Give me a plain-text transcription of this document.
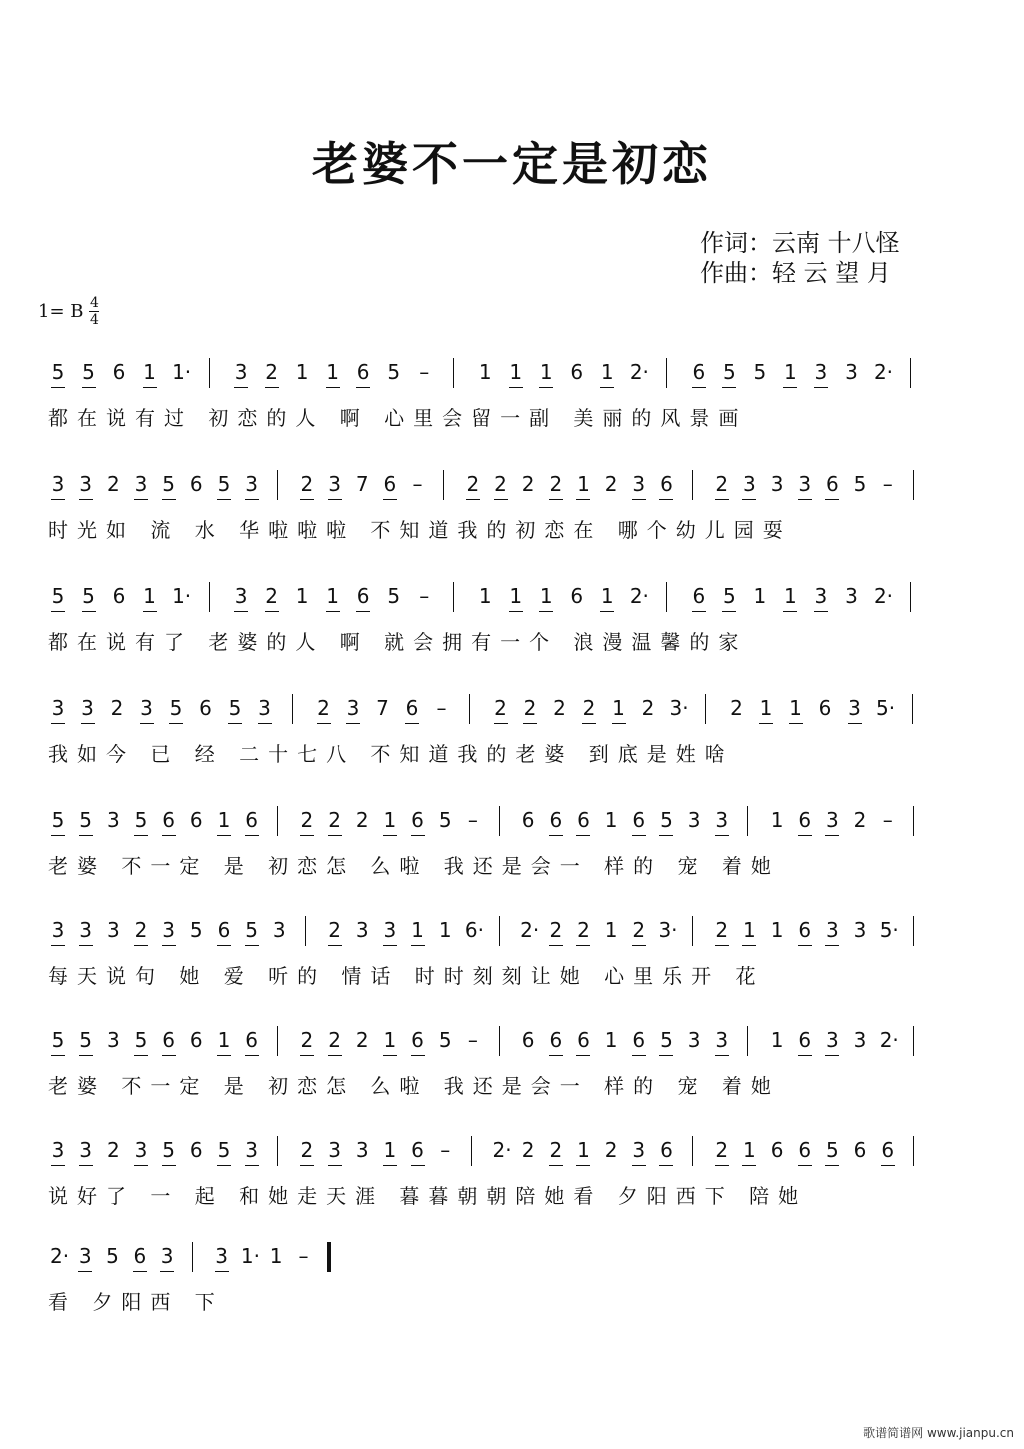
老婆不一定是初恋
作词：云南 十八怪
作曲：轻 云 望 月
1= B $\frac{4}{4}$
5 5 6 1 1· 3 2 1 1 6 5 – 1 1 1 6 1 2· 6 5 5 1 3 3 2·
都在说有过 初恋的人 啊 心里会留一副 美丽的风景画
3 3 2 3 5 6 5 3 2 3 7 6 – 2 2 2 2 1 2 3 6 2 3 3 3 6 5 –
时光如 流 水 华啦啦啦 不知道我的初恋在 哪个幼儿园耍
5 5 6 1 1· 3 2 1 1 6 5 – 1 1 1 6 1 2· 6 5 1 1 3 3 2·
都在说有了 老婆的人 啊 就会拥有一个 浪漫温馨的家
3 3 2 3 5 6 5 3 2 3 7 6 – 2 2 2 2 1 2 3· 2 1 1 6 3 5·
我如今 已 经 二十七八 不知道我的老婆 到底是姓啥
5 5 3 5 6 6 1 6 2 2 2 1 6 5 – 6 6 6 1 6 5 3 3 1 6 3 2 –
老婆 不一定 是 初恋怎 么啦 我还是会一 样的 宠 着她
3 3 3 2 3 5 6 5 3 2 3 3 1 1 6· 2· 2 2 1 2 3· 2 1 1 6 3 3 5·
每天说句 她 爱 听的 情话 时时刻刻让她 心里乐开 花
5 5 3 5 6 6 1 6 2 2 2 1 6 5 – 6 6 6 1 6 5 3 3 1 6 3 3 2·
老婆 不一定 是 初恋怎 么啦 我还是会一 样的 宠 着她
3 3 2 3 5 6 5 3 2 3 3 1 6 – 2· 2 2 1 2 3 6 2 1 6 6 5 6 6
说好了 一 起 和她走天涯 暮暮朝朝陪她看 夕阳西下 陪她
2· 3 5 6 3 3 1· 1 –
看 夕阳西 下
歌谱简谱网 www.jianpu.cn
